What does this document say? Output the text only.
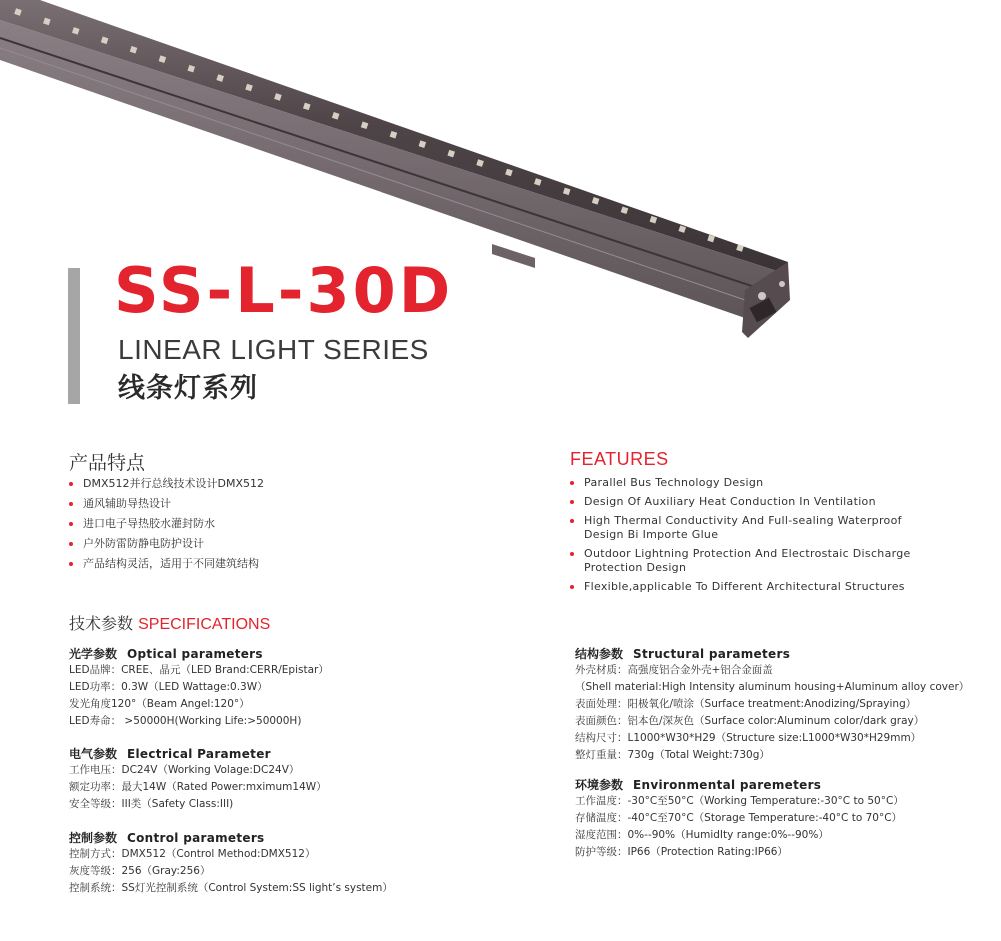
SS-L-30D
LINEAR LIGHT SERIES
线条灯系列
产品特点
DMX512并行总线技术设计DMX512
通风辅助导热设计
进口电子导热胶水灌封防水
户外防雷防静电防护设计
产品结构灵活，适用于不同建筑结构
FEATURES
Parallel Bus Technology Design
Design Of Auxiliary Heat Conduction In Ventilation
High Thermal Conductivity And Full-sealing Waterproof
Design Bi Importe Glue
Outdoor Lightning Protection And Electrostaic Discharge
Protection Design
Flexible,applicable To Different Architectural Structures
技术参数 SPECIFICATIONS
光学参数 Optical parameters
LED品牌：CREE、晶元（LED Brand:CERR/Epistar）
LED功率：0.3W（LED Wattage:0.3W）
发光角度120°（Beam Angel:120°）
LED寿命： >50000H(Working Life:>50000H)
电气参数 Electrical Parameter
工作电压：DC24V（Working Volage:DC24V）
额定功率：最大14W（Rated Power:mximum14W）
安全等级：III类（Safety Class:III)
控制参数 Control parameters
控制方式：DMX512（Control Method:DMX512）
灰度等级：256（Gray:256）
控制系统：SS灯光控制系统（Control System:SS light’s system）
结构参数 Structural parameters
外壳材质：高强度铝合金外壳+铝合金面盖
（Shell material:High Intensity aluminum housing+Aluminum alloy cover）
表面处理：阳极氧化/喷涂（Surface treatment:Anodizing/Spraying）
表面颜色：铝本色/深灰色（Surface color:Aluminum color/dark gray）
结构尺寸：L1000*W30*H29（Structure size:L1000*W30*H29mm）
整灯重量：730g（Total Weight:730g）
环境参数 Environmental paremeters
工作温度：-30°C至50°C（Working Temperature:-30°C to 50°C）
存储温度：-40°C至70°C（Storage Temperature:-40°C to 70°C）
湿度范围：0%--90%（HumidIty range:0%--90%）
防护等级：IP66（Protection Rating:IP66）
